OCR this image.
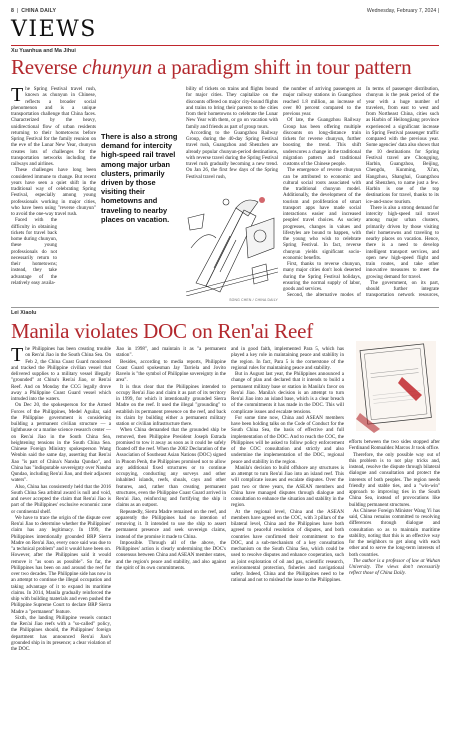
8 | CHINA DAILY	Wednesday, February 7, 2024 |
VIEWS
Xu Yuanhua and Ma Jihui
Reverse chunyun a paradigm shift in tour pattern

The Spring Festival travel rush, known as chunyun in Chinese, reflects a broader social phenomenon and is a unique transportation challenge that China faces. Characterized by the heavy, unidirectional flow of urban residents returning to their hometowns before Spring Festival for the family reunion on the eve of the Lunar New Year, chunyun creates lots of challenges for the transportation networks including the railways and airlines.

These challenges have long been considered immune to change. But recent years have seen a quiet shift in the traditional way of celebrating Spring Festival, especially among young professionals working in major cities, who have been using "reverse chunyun" to avoid the one-way travel rush.

Faced with the difficulty in obtaining tickets for travel back home during chunyun, these young professionals do not necessarily return to their hometowns; instead, they take advantage of the relatively easy availa-

There is also a strong demand for intercity high-speed rail travel among major urban clusters, primarily driven by those visiting their hometowns and traveling to nearby places on vacation.

bility of tickets on trains and flights bound for major cities. They capitalize on the discounts offered on major city-bound flights and trains to bring their parents to the cities from their hometowns to celebrate the Lunar New Year with them, or go on vacation with family and friends as part of group tours.

According to the Guangzhou Railway Group, during the 40-day Spring Festival travel rush, Guangzhou and Shenzhen are already popular chunyun-period destinations, with reverse travel during the Spring Festival travel rush gradually becoming a new trend. On Jan 26, the first few days of the Spring Festival travel rush,

SONG CHEN / CHINA DAILY

the number of arriving passengers at major railway stations in Guangzhou reached 1.8 million, an increase of over 80 percent compared to the previous year.

Of late, the Guangzhou Railway Group has been offering multiple discounts on long-distance train tickets for reverse chunyun, further boosting the trend. This shift underscores a change in the traditional migration pattern and traditional customs of the Chinese people.

The emergence of reverse chunyun can be attributed to economic and cultural social roots associated with the traditional chunyun model. Additionally, the development of the tourism and proliferation of smart transport apps have made social interactions easier and increased peoples' travel choices. As society progresses, changes in values and lifestyles are bound to happen, with the young who wish to celebrate Spring Festival. In fact, reverse chunyun yields significant socio-economic benefits.

First, thanks to reverse chunyun, many major cities don't look deserted during the Spring Festival holidays, ensuring the normal supply of labor, goods and services.

Second, the alternative modes of

In terms of passenger distribution, chunyun is the peak period of the year with a huge number of travelers, from east to west and from Northeast China, cities such as Harbin of Heilongjiang province experienced a significant increase in Spring Festival passenger traffic compared with the previous year. Some agencies' data also shows that the 10 destinations for Spring Festival travel are Chongqing, Harbin, Guangzhou, Beijing, Chengdu, Kunming, Xi'an, Hangzhou, Shanghai, Guangzhou and Shenzhen, to name just a few. Harbin is one of the top destinations for travel, thanks to its ice-and-snow tourism.

There is also a strong demand for intercity high-speed rail travel among major urban clusters, primarily driven by those visiting their hometowns and traveling to nearby places on vacation. Hence, there is a need to develop intelligent transport services, and open new high-speed flight and train routes, and take other innovative measures to meet the growing demand for travel.

The government, on its part, should further integrate transportation network resources,

Lei Xiaolu
Manila violates DOC on Ren'ai Reef

The Philippines has been creating trouble on Ren'ai Jiao in the South China Sea. On Feb 2, the China Coast Guard monitored and tracked the Philippine civilian vessel that delivered supplies to a military vessel illegally "grounded" at China's Ren'ai Jiao, or Ren'ai Reef. And on Monday the CCG legally drove away a Philippine Coast Guard vessel which intruded into the waters.

On Dec 20, the spokesperson for the Armed Forces of the Philippines, Medel Aguilar, said the Philippine government is considering building a permanent civilian structure — a lighthouse or a marine science research center — on Ren'ai Jiao in the South China Sea, heightening tensions in the South China Sea. Chinese Foreign Ministry spokesperson Wang Wenbin said the same day, asserting that Ren'ai Jiao "is part of China's Nansha Qundao", and China has "indisputable sovereignty over Nansha Qundao, including Ren'ai Jiao, and their adjacent waters".

Also, China has consistently held that the 2016 South China Sea arbitral award is null and void, and never accepted the claim that Ren'ai Jiao is part of the Philippines' exclusive economic zone or continental shelf.

We have to trace the origin of the dispute over Ren'ai Jiao to determine whether the Philippines' claim has any legitimacy. In 1999, the Philippines intentionally grounded BRP Sierra Madre on Ren'ai Jiao, every once said was due to "a technical problem" and it would have been on. However, after the Philippines said it would remove it "as soon as possible". So far, the Philippines has been on and around the reef for over two decades. The Philippine side has now in an attempt to continue the illegal occupation and taking advantage of it to expand its maritime claims. In 2014, Manila gradually reinforced the ship with building materials and even pushed the Philippine Supreme Court to declare BRP Sierra Madre a "permanent" feature.

Sixth, the landing Philippine vessels contact the Ren'ai Jiao reefs with a "so-called" policy, the Philippines should, the Philippines' foreign department has announced Ren'ai Jiao's grounded ship in its presence; a clear violation of the DOC.

Jiao in 1998", and maintain it as "a permanent station".

Besides, according to media reports, Philippine Coast Guard spokesman Jay Tarriela and Jovito Ravelo is "the symbol of Philippine sovereignty in the area".

It is thus clear that the Philippines intended to occupy Ren'ai Jiao and claim it as part of its territory in 1999, for which it intentionally grounded Sierra Madre on the reef. It used the illegal "grounding" to establish its permanent presence on the reef, and back its claim by building either a permanent military station or civilian infrastructure there.

When China demanded that the grounded ship be removed, then Philippine President Joseph Estrada promised to tow it away as soon as it could be safely floated off the reef. When the 2002 Declaration of the Association of Southeast Asian Nations (DOC) signed in Phnom Penh, the Philippines promised not to allow any additional fixed structures or to continue occupying, conducting any surveys and other inhabited islands, reefs, shoals, cays and other features, and, rather than creating permanent structures, even the Philippine Coast Guard arrived in Ren'ai Jiao, reinforcing and fortifying the ship it claims as an outpost.

Repeatedly, Sierra Madre remained on the reef, and apparently the Philippines had no intention of removing it. It intended to use the ship to assert permanent presence and seek sovereign claims, instead of the promise it made to China.

Impossible. Through all of the above, the Philippines' action is clearly undermining the DOC's consensus between China and ASEAN member states, and the region's peace and stability, and also against the spirit of its own commitments.

and in good faith, implemented Para 5, which has played a key role in maintaining peace and stability in the region. In fact, Para 5 is the cornerstone of the regional rules for maintaining peace and stability.

But in August last year, the Philippines announced a change of plan and declared that it intends to build a permanent military base or station in Manila's favor on Ren'ai Jiao. Manila's decision is an attempt to turn Ren'ai Jiao into an island base, which is a clear breach of the commitments it has made in the DOC. This will complicate issues and escalate tensions.

For some time now, China and ASEAN members have been holding talks on the Code of Conduct for the South China Sea, the basis of effective and full implementation of the DOC. And to reach the COC, the Philippines will be asked to follow policy enforcement of the COC consultation and strictly and also undermine the implementation of the DOC, regional peace and stability in the region.

Manila's decision to build offshore any structures is an attempt to turn Ren'ai Jiao into an island reef. This will complicate issues and escalate disputes. Over the past two or three years, the ASEAN members and China have managed disputes through dialogue and consultation to enhance the situation and stability in the region.

At the regional level, China and the ASEAN members have agreed on the COC, with 3 pillars of the bilateral level, China and the Philippines have both agreed to peaceful resolution of disputes, and both countries have confirmed their commitment to the DOC, and a sub-mechanism of a key consultation mechanism on the South China Sea, which could be used to resolve disputes and enhance cooperation, such as joint exploration of oil and gas, scientific research, environmental protection, fisheries and navigational safety. Indeed, China and the Philippines need to be rational and not to mislead the issue to the Philippines.

efforts between the two sides stopped after Ferdinand Romualdez Marcos Jr took office.

Therefore, the only possible way out of this problem is to not play tricks and, instead, resolve the dispute through bilateral dialogue and consultation and protect the interests of both peoples. The region needs friendly and stable ties, and a "win-win" approach to improving ties in the South China Sea, instead of provocations like building permanent structures.

As Chinese Foreign Minister Wang Yi has said, China remains committed to resolving differences through dialogue and consultation so as to maintain maritime stability, noting that this is an effective way for the neighbors to get along with each other and to serve the long-term interests of both countries.

The author is a professor of law at Wuhan University. The views don't necessarily reflect those of China Daily.
